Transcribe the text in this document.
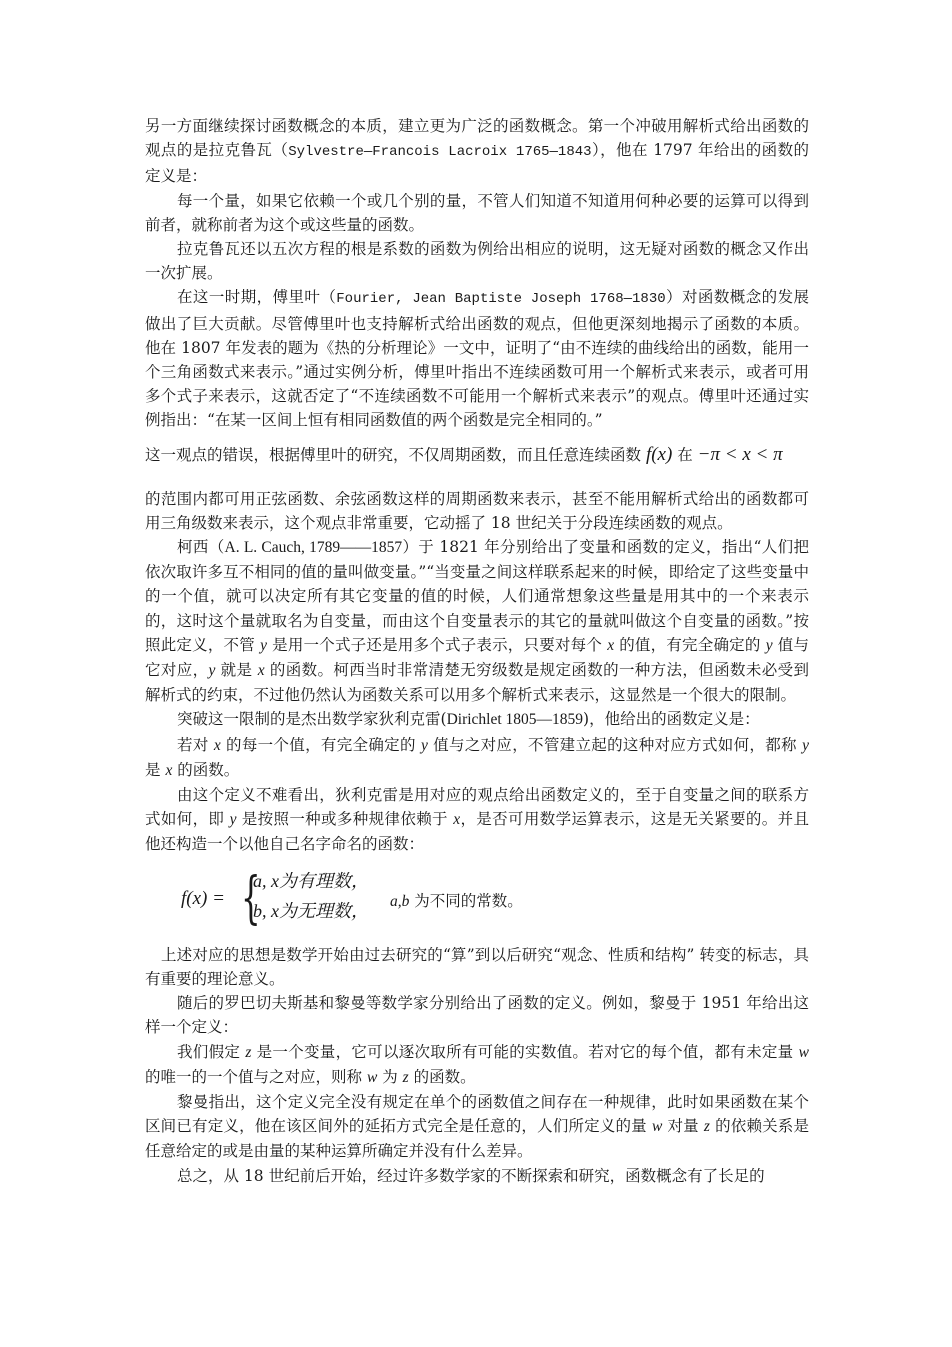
另一方面继续探讨函数概念的本质，建立更为广泛的函数概念。第一个冲破用解析式给出函数的观点的是拉克鲁瓦（Sylvestre—Francois Lacroix 1765—1843），他在 1797 年给出的函数的定义是：

每一个量，如果它依赖一个或几个别的量，不管人们知道不知道用何种必要的运算可以得到前者，就称前者为这个或这些量的函数。

拉克鲁瓦还以五次方程的根是系数的函数为例给出相应的说明，这无疑对函数的概念又作出一次扩展。

在这一时期，傅里叶（Fourier, Jean Baptiste Joseph 1768—1830）对函数概念的发展做出了巨大贡献。尽管傅里叶也支持解析式给出函数的观点，但他更深刻地揭示了函数的本质。他在 1807 年发表的题为《热的分析理论》一文中，证明了“由不连续的曲线给出的函数，能用一个三角函数式来表示。”通过实例分析，傅里叶指出不连续函数可用一个解析式来表示，或者可用多个式子来表示，这就否定了“不连续函数不可能用一个解析式来表示”的观点。傅里叶还通过实例指出：“在某一区间上恒有相同函数值的两个函数是完全相同的。”

这一观点的错误，根据傅里叶的研究，不仅周期函数，而且任意连续函数 f(x) 在 −π < x < π

的范围内都可用正弦函数、余弦函数这样的周期函数来表示，甚至不能用解析式给出的函数都可用三角级数来表示，这个观点非常重要，它动摇了 18 世纪关于分段连续函数的观点。

柯西（A. L. Cauch, 1789——1857）于 1821 年分别给出了变量和函数的定义，指出“人们把依次取许多互不相同的值的量叫做变量。”“当变量之间这样联系起来的时候，即给定了这些变量中的一个值，就可以决定所有其它变量的值的时候，人们通常想象这些量是用其中的一个来表示的，这时这个量就取名为自变量，而由这个自变量表示的其它的量就叫做这个自变量的函数。”按照此定义，不管 y 是用一个式子还是用多个式子表示，只要对每个 x 的值，有完全确定的 y 值与它对应，y 就是 x 的函数。柯西当时非常清楚无穷级数是规定函数的一种方法，但函数未必受到解析式的约束，不过他仍然认为函数关系可以用多个解析式来表示，这显然是一个很大的限制。

突破这一限制的是杰出数学家狄利克雷(Dirichlet 1805—1859)，他给出的函数定义是：

若对 x 的每一个值，有完全确定的 y 值与之对应，不管建立起的这种对应方式如何，都称 y 是 x 的函数。

由这个定义不难看出，狄利克雷是用对应的观点给出函数定义的，至于自变量之间的联系方式如何，即 y 是按照一种或多种规律依赖于 x，是否可用数学运算表示，这是无关紧要的。并且他还构造一个以他自己名字命名的函数：

f(x) = {
a, x为有理数，
b, x为无理数， a,b 为不同的常数。

上述对应的思想是数学开始由过去研究的“算”到以后研究“观念、性质和结构” 转变的标志，具有重要的理论意义。

随后的罗巴切夫斯基和黎曼等数学家分别给出了函数的定义。例如，黎曼于 1951 年给出这样一个定义：

我们假定 z 是一个变量，它可以逐次取所有可能的实数值。若对它的每个值，都有未定量 w 的唯一的一个值与之对应，则称 w 为 z 的函数。

黎曼指出，这个定义完全没有规定在单个的函数值之间存在一种规律，此时如果函数在某个区间已有定义，他在该区间外的延拓方式完全是任意的，人们所定义的量 w 对量 z 的依赖关系是任意给定的或是由量的某种运算所确定并没有什么差异。

总之，从 18 世纪前后开始，经过许多数学家的不断探索和研究，函数概念有了长足的
